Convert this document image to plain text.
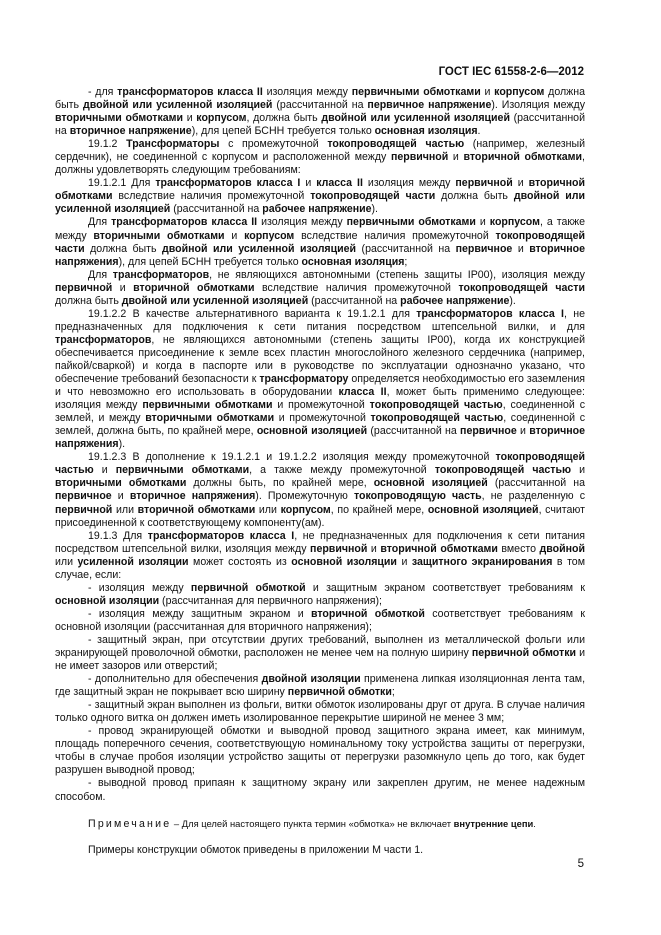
ГОСТ IEC 61558-2-6—2012

- для трансформаторов класса II изоляция между первичными обмотками и корпусом должна быть двойной или усиленной изоляцией (рассчитанной на первичное напряжение). Изоляция между вторичными обмотками и корпусом, должна быть двойной или усиленной изоляцией (рассчитанной на вторичное напряжение), для цепей БСНН требуется только основная изоляция.

19.1.2 Трансформаторы с промежуточной токопроводящей частью (например, железный сердечник), не соединенной с корпусом и расположенной между первичной и вторичной обмотками, должны удовлетворять следующим требованиям:

19.1.2.1 Для трансформаторов класса I и класса II изоляция между первичной и вторичной обмотками вследствие наличия промежуточной токопроводящей части должна быть двойной или усиленной изоляцией (рассчитанной на рабочее напряжение).

Для трансформаторов класса II изоляция между первичными обмотками и корпусом, а также между вторичными обмотками и корпусом вследствие наличия промежуточной токопроводящей части должна быть двойной или усиленной изоляцией (рассчитанной на первичное и вторичное напряжения), для цепей БСНН требуется только основная изоляция;

Для трансформаторов, не являющихся автономными (степень защиты IP00), изоляция между первичной и вторичной обмотками вследствие наличия промежуточной токопроводящей части должна быть двойной или усиленной изоляцией (рассчитанной на рабочее напряжение).

19.1.2.2 В качестве альтернативного варианта к 19.1.2.1 для трансформаторов класса I, не предназначенных для подключения к сети питания посредством штепсельной вилки, и для трансформаторов, не являющихся автономными (степень защиты IP00), когда их конструкцией обеспечивается присоединение к земле всех пластин многослойного железного сердечника (например, пайкой/сваркой) и когда в паспорте или в руководстве по эксплуатации однозначно указано, что обеспечение требований безопасности к трансформатору определяется необходимостью его заземления и что невозможно его использовать в оборудовании класса II, может быть применимо следующее: изоляция между первичными обмотками и промежуточной токопроводящей частью, соединенной с землей, и между вторичными обмотками и промежуточной токопроводящей частью, соединенной с землей, должна быть, по крайней мере, основной изоляцией (рассчитанной на первичное и вторичное напряжения).

19.1.2.3 В дополнение к 19.1.2.1 и 19.1.2.2 изоляция между промежуточной токопроводящей частью и первичными обмотками, а также между промежуточной токопроводящей частью и вторичными обмотками должны быть, по крайней мере, основной изоляцией (рассчитанной на первичное и вторичное напряжения). Промежуточную токопроводящую часть, не разделенную с первичной или вторичной обмотками или корпусом, по крайней мере, основной изоляцией, считают присоединенной к соответствующему компоненту(ам).

19.1.3 Для трансформаторов класса I, не предназначенных для подключения к сети питания посредством штепсельной вилки, изоляция между первичной и вторичной обмотками вместо двойной или усиленной изоляции может состоять из основной изоляции и защитного экранирования в том случае, если:

- изоляция между первичной обмоткой и защитным экраном соответствует требованиям к основной изоляции (рассчитанная для первичного напряжения);

- изоляция между защитным экраном и вторичной обмоткой соответствует требованиям к основной изоляции (рассчитанная для вторичного напряжения);

- защитный экран, при отсутствии других требований, выполнен из металлической фольги или экранирующей проволочной обмотки, расположен не менее чем на полную ширину первичной обмотки и не имеет зазоров или отверстий;

- дополнительно для обеспечения двойной изоляции применена липкая изоляционная лента там, где защитный экран не покрывает всю ширину первичной обмотки;

- защитный экран выполнен из фольги, витки обмоток изолированы друг от друга. В случае наличия только одного витка он должен иметь изолированное перекрытие шириной не менее 3 мм;

- провод экранирующей обмотки и выводной провод защитного экрана имеет, как минимум, площадь поперечного сечения, соответствующую номинальному току устройства защиты от перегрузки, чтобы в случае пробоя изоляции устройство защиты от перегрузки разомкнуло цепь до того, как будет разрушен выводной провод;

- выводной провод припаян к защитному экрану или закреплен другим, не менее надежным способом.

Примечание – Для целей настоящего пункта термин «обмотка» не включает внутренние цепи.

Примеры конструкции обмоток приведены в приложении М части 1.

5
